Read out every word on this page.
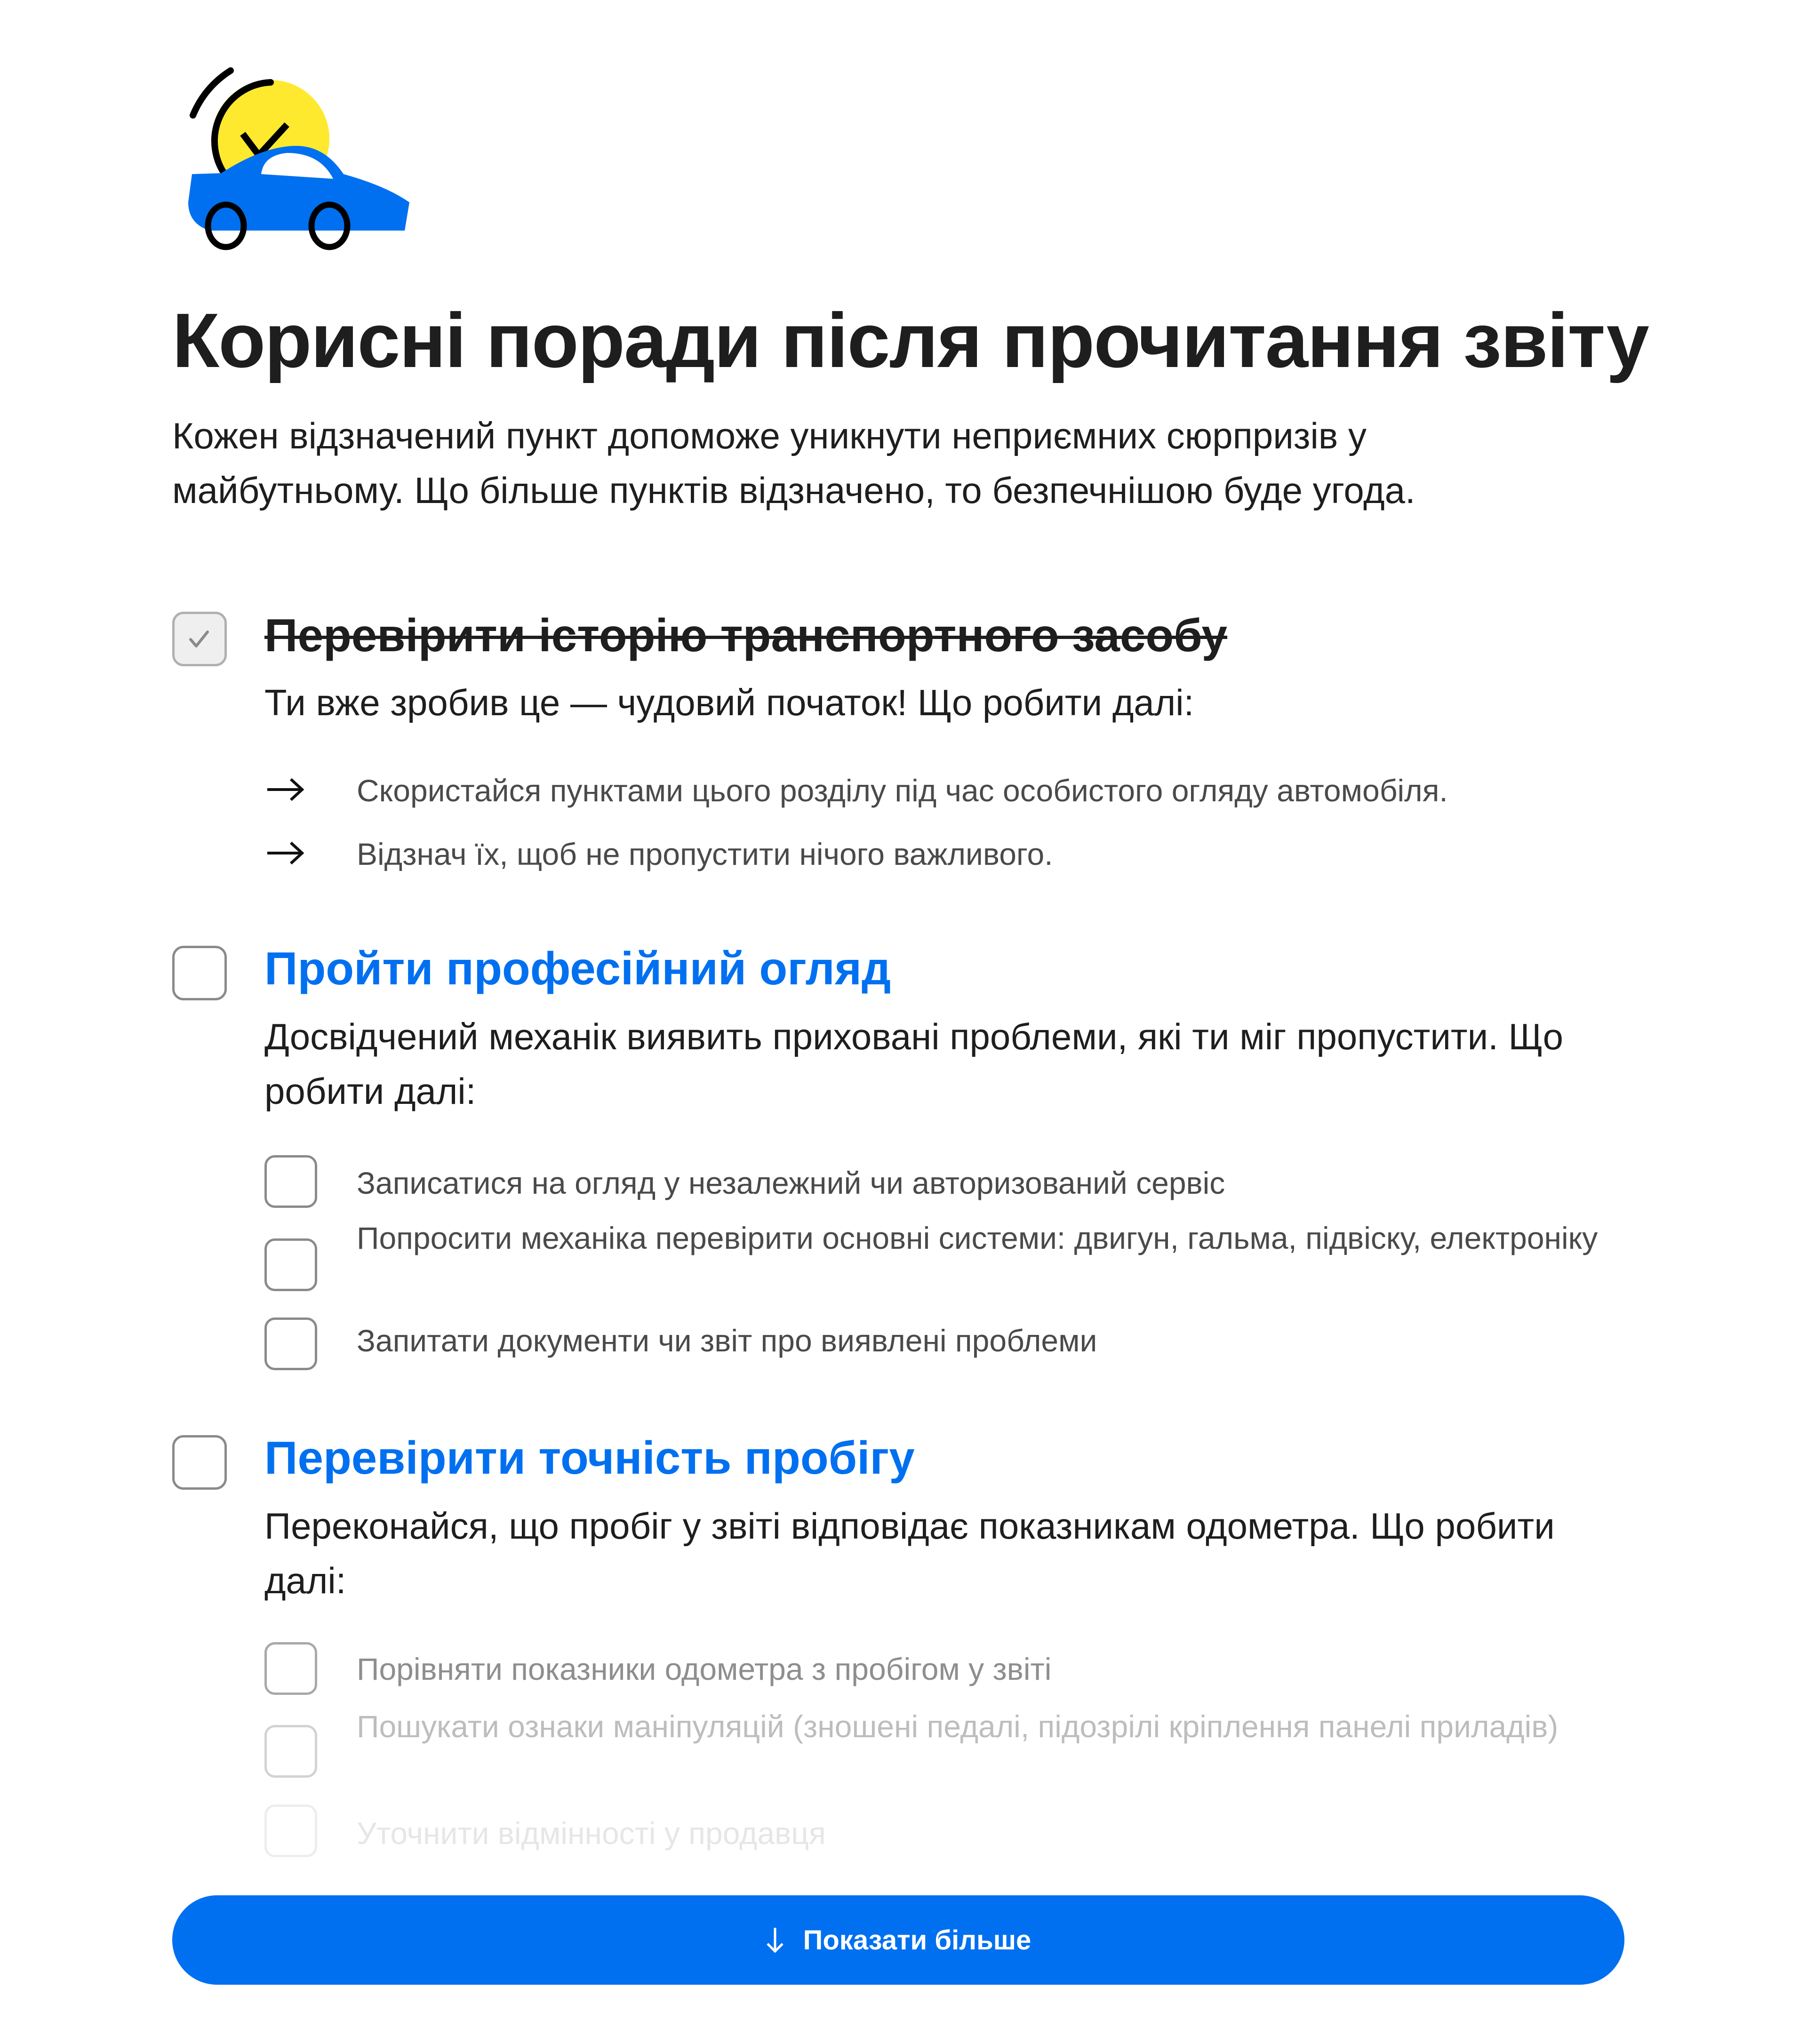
Корисні поради після прочитання звіту

Кожен відзначений пункт допоможе уникнути неприємних сюрпризів у майбутньому. Що більше пунктів відзначено, то безпечнішою буде угода.

Перевірити історію транспортного засобу
Ти вже зробив це — чудовий початок! Що робити далі:
Скористайся пунктами цього розділу під час особистого огляду автомобіля.
Відзнач їх, щоб не пропустити нічого важливого.
Пройти професійний огляд
Досвідчений механік виявить приховані проблеми, які ти міг пропустити. Що робити далі:
Записатися на огляд у незалежний чи авторизований сервіс
Попросити механіка перевірити основні системи: двигун, гальма, підвіску, електроніку
Запитати документи чи звіт про виявлені проблеми
Перевірити точність пробігу
Переконайся, що пробіг у звіті відповідає показникам одометра. Що робити далі:
Порівняти показники одометра з пробігом у звіті
Пошукати ознаки маніпуляцій (зношені педалі, підозрілі кріплення панелі приладів)
Уточнити відмінності у продавця
Показати більше
